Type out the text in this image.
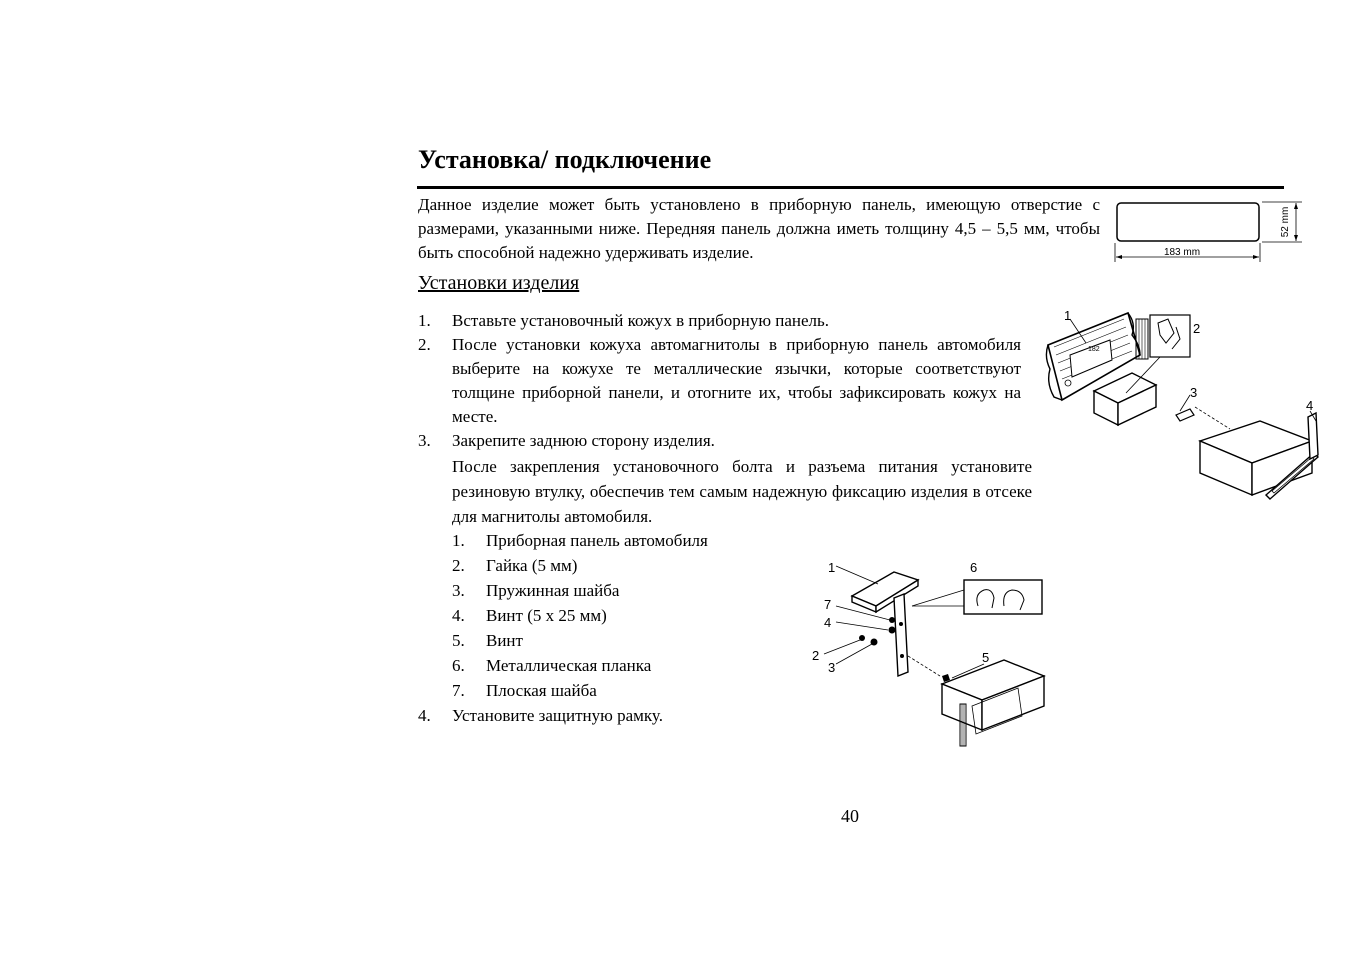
Установка/ подключение
Данное изделие может быть установлено в приборную панель, имеющую отверстие с размерами, указанными ниже. Передняя панель должна иметь толщину 4,5 – 5,5 мм, чтобы быть способной надежно удерживать изделие.	183 mm
52 mm
Установки изделия
1. Вставьте установочный кожух в приборную панель.
2. После установки кожуха автомагнитолы в приборную панель автомобиля выберите на кожухе те металлические язычки, которые соответствуют толщине приборной панели, и отогните их, чтобы зафиксировать кожух на месте.
3. Закрепите заднюю сторону изделия.
После закрепления установочного болта и разъема питания установите резиновую втулку, обеспечив тем самым надежную фиксацию изделия в отсеке для магнитолы автомобиля.
1. Приборная панель автомобиля
2. Гайка (5 мм)
3. Пружинная шайба
4. Винт (5 х 25 мм)
5. Винт
6. Металлическая планка
7. Плоская шайба
4. Установите защитную рамку.
182
1
2
3
4
1	6
7
4
2
3
5
40
